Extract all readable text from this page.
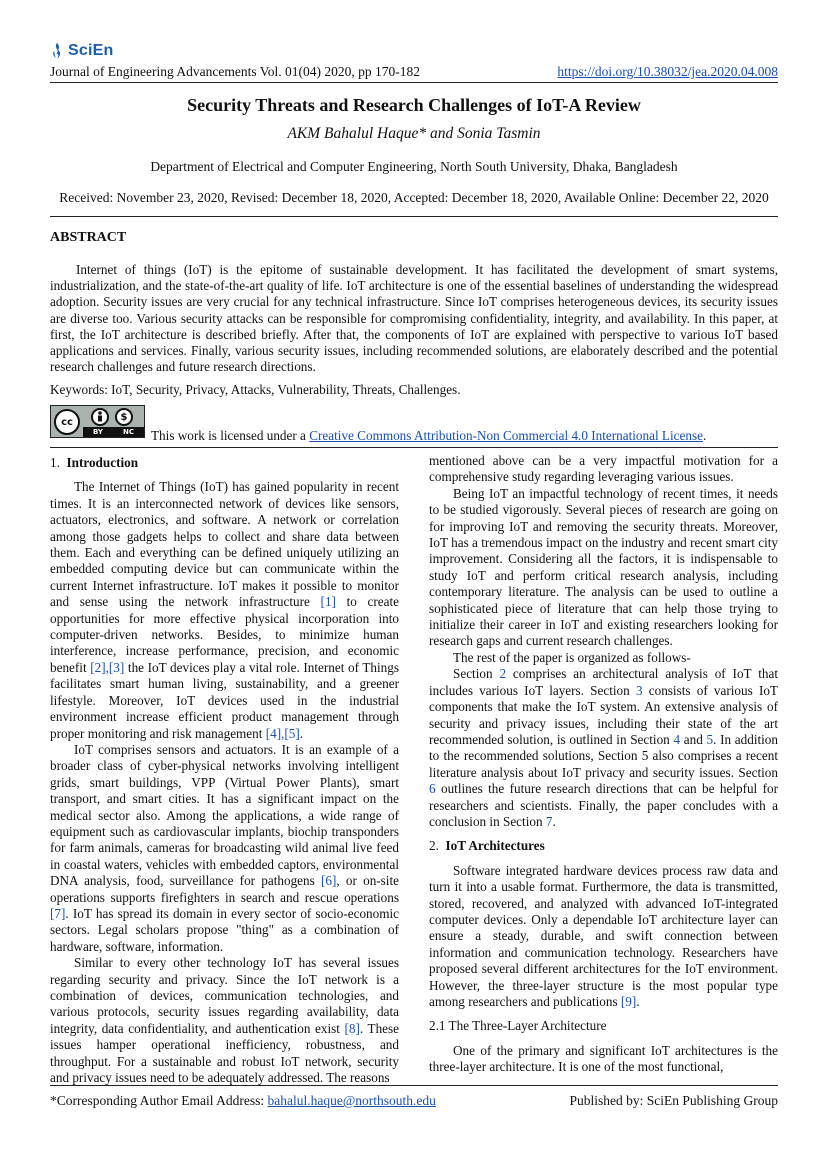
SciEn
Journal of Engineering Advancements Vol. 01(04) 2020, pp 170-182	https://doi.org/10.38032/jea.2020.04.008
Security Threats and Research Challenges of IoT-A Review
AKM Bahalul Haque* and Sonia Tasmin
Department of Electrical and Computer Engineering, North South University, Dhaka, Bangladesh
Received: November 23, 2020, Revised: December 18, 2020, Accepted: December 18, 2020, Available Online: December 22, 2020
ABSTRACT
Internet of things (IoT) is the epitome of sustainable development. It has facilitated the development of smart systems, industrialization, and the state-of-the-art quality of life. IoT architecture is one of the essential baselines of understanding the widespread adoption. Security issues are very crucial for any technical infrastructure. Since IoT comprises heterogeneous devices, its security issues are diverse too. Various security attacks can be responsible for compromising confidentiality, integrity, and availability. In this paper, at first, the IoT architecture is described briefly. After that, the components of IoT are explained with perspective to various IoT based applications and services. Finally, various security issues, including recommended solutions, are elaborately described and the potential research challenges and future research directions.
Keywords: IoT, Security, Privacy, Attacks, Vulnerability, Threats, Challenges.
cc	$
BY	NC This work is licensed under a Creative Commons Attribution-Non Commercial 4.0 International License.

1. Introduction

The Internet of Things (IoT) has gained popularity in recent times. It is an interconnected network of devices like sensors, actuators, electronics, and software. A network or correlation among those gadgets helps to collect and share data between them. Each and everything can be defined uniquely utilizing an embedded computing device but can communicate within the current Internet infrastructure. IoT makes it possible to monitor and sense using the network infrastructure [1] to create opportunities for more effective physical incorporation into computer-driven networks. Besides, to minimize human interference, increase performance, precision, and economic benefit [2],[3] the IoT devices play a vital role. Internet of Things facilitates smart human living, sustainability, and a greener lifestyle. Moreover, IoT devices used in the industrial environment increase efficient product management through proper monitoring and risk management [4],[5].

IoT comprises sensors and actuators. It is an example of a broader class of cyber-physical networks involving intelligent grids, smart buildings, VPP (Virtual Power Plants), smart transport, and smart cities. It has a significant impact on the medical sector also. Among the applications, a wide range of equipment such as cardiovascular implants, biochip transponders for farm animals, cameras for broadcasting wild animal live feed in coastal waters, vehicles with embedded captors, environmental DNA analysis, food, surveillance for pathogens [6], or on-site operations supports firefighters in search and rescue operations [7]. IoT has spread its domain in every sector of socio-economic sectors. Legal scholars propose "thing" as a combination of hardware, software, information.

Similar to every other technology IoT has several issues regarding security and privacy. Since the IoT network is a combination of devices, communication technologies, and various protocols, security issues regarding availability, data integrity, data confidentiality, and authentication exist [8]. These issues hamper operational inefficiency, robustness, and throughput. For a sustainable and robust IoT network, security and privacy issues need to be adequately addressed. The reasons

mentioned above can be a very impactful motivation for a comprehensive study regarding leveraging various issues.

Being IoT an impactful technology of recent times, it needs to be studied vigorously. Several pieces of research are going on for improving IoT and removing the security threats. Moreover, IoT has a tremendous impact on the industry and recent smart city improvement. Considering all the factors, it is indispensable to study IoT and perform critical research analysis, including contemporary literature. The analysis can be used to outline a sophisticated piece of literature that can help those trying to initialize their career in IoT and existing researchers looking for research gaps and current research challenges.

The rest of the paper is organized as follows-

Section 2 comprises an architectural analysis of IoT that includes various IoT layers. Section 3 consists of various IoT components that make the IoT system. An extensive analysis of security and privacy issues, including their state of the art recommended solution, is outlined in Section 4 and 5. In addition to the recommended solutions, Section 5 also comprises a recent literature analysis about IoT privacy and security issues. Section 6 outlines the future research directions that can be helpful for researchers and scientists. Finally, the paper concludes with a conclusion in Section 7.

2. IoT Architectures

Software integrated hardware devices process raw data and turn it into a usable format. Furthermore, the data is transmitted, stored, recovered, and analyzed with advanced IoT-integrated computer devices. Only a dependable IoT architecture layer can ensure a steady, durable, and swift connection between information and communication technology. Researchers have proposed several different architectures for the IoT environment. However, the three-layer structure is the most popular type among researchers and publications [9].

2.1 The Three-Layer Architecture

One of the primary and significant IoT architectures is the three-layer architecture. It is one of the most functional,

*Corresponding Author Email Address: bahalul.haque@northsouth.edu	Published by: SciEn Publishing Group
